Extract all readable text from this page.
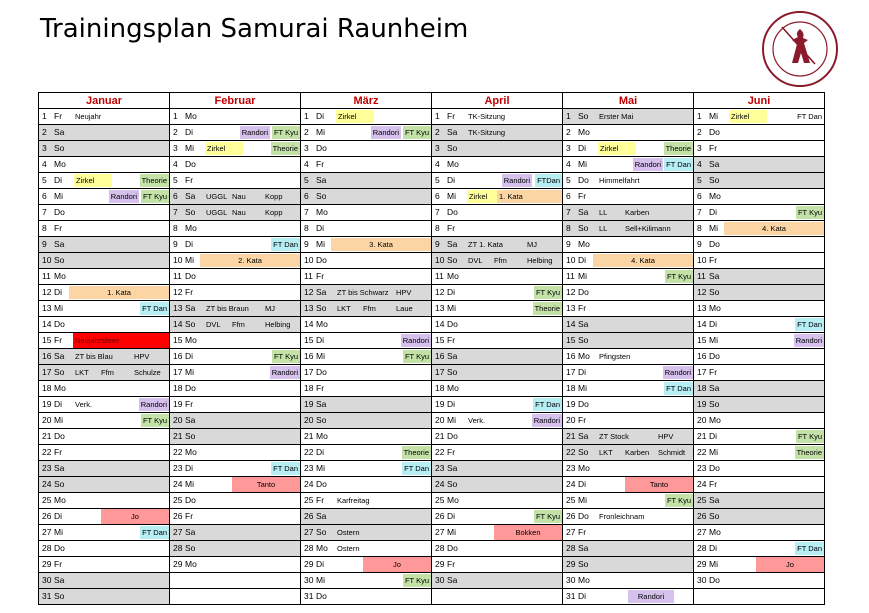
Trainingsplan Samurai Raunheim
Januar	Februar	März	April	Mai	Juni

1 Fr Neujahr	1 Mo	1 Di Zirkel	1 Fr TK-Sitzung	1 So Erster Mai	1 Mi Zirkel FT Dan

2 Sa	2 Di Randori FT Kyu	2 Mi Randori FT Kyu	2 Sa TK-Sitzung	2 Mo	2 Do

3 So	3 Mi Zirkel Theorie	3 Do	3 So	3 Di Zirkel Theorie	3 Fr

4 Mo	4 Do	4 Fr	4 Mo	4 Mi Randori FT Dan	4 Sa

5 Di Zirkel Theorie	5 Fr	5 Sa	5 Di Randori FTDan	5 Do Himmelfahrt	5 So

6 Mi Randori FT Kyu	6 Sa UGGL Nau Kopp	6 So	6 Mi Zirkel 1. Kata	6 Fr	6 Mo

7 Do	7 So UGGL Nau Kopp	7 Mo	7 Do	7 Sa LL Karben	7 Di FT Kyu

8 Fr	8 Mo	8 Di	8 Fr	8 So LL Sell+Kilimann	8 Mi 4. Kata

9 Sa	9 Di FT Dan	9 Mi 3. Kata	9 Sa ZT 1. Kata MJ	9 Mo	9 Do

10 So	10 Mi 2. Kata	10 Do	10 So DVL Ffm Helbing	10 Di 4. Kata	10 Fr

11 Mo	11 Do	11 Fr	11 Mo	11 Mi FT Kyu	11 Sa

12 Di 1. Kata	12 Fr	12 Sa ZT bis Schwarz HPV	12 Di FT Kyu	12 Do	12 So

13 Mi FT Dan	13 Sa ZT bis Braun MJ	13 So LKT Ffm Laue	13 Mi Theorie	13 Fr	13 Mo

14 Do	14 So DVL Ffm Helbing	14 Mo	14 Do	14 Sa	14 Di FT Dan

15 Fr Neujahrsfeier	15 Mo	15 Di Randori	15 Fr	15 So	15 Mi Randori

16 Sa ZT bis Blau HPV	16 Di FT Kyu	16 Mi FT Kyu	16 Sa	16 Mo Pfingsten	16 Do

17 So LKT Ffm Schulze	17 Mi Randori	17 Do	17 So	17 Di Randori	17 Fr

18 Mo	18 Do	18 Fr	18 Mo	18 Mi FT Dan	18 Sa

19 Di Verk. Randori	19 Fr	19 Sa	19 Di FT Dan	19 Do	19 So

20 Mi FT Kyu	20 Sa	20 So	20 Mi Verk. Randori	20 Fr	20 Mo

21 Do	21 So	21 Mo	21 Do	21 Sa ZT Stock HPV	21 Di FT Kyu

22 Fr	22 Mo	22 Di Theorie	22 Fr	22 So LKT Karben Schmidt	22 Mi Theorie

23 Sa	23 Di FT Dan	23 Mi FT Dan	23 Sa	23 Mo	23 Do

24 So	24 Mi Tanto	24 Do	24 So	24 Di Tanto	24 Fr

25 Mo	25 Do	25 Fr Karfreitag	25 Mo	25 Mi FT Kyu	25 Sa

26 Di Jo	26 Fr	26 Sa	26 Di FT Kyu	26 Do Fronleichnam	26 So

27 Mi FT Dan	27 Sa	27 So Ostern	27 Mi Bokken	27 Fr	27 Mo

28 Do	28 So	28 Mo Ostern	28 Do	28 Sa	28 Di FT Dan

29 Fr	29 Mo	29 Di Jo	29 Fr	29 So	29 Mi Jo

30 Sa		30 Mi FT Kyu	30 Sa	30 Mo	30 Do

31 So		31 Do		31 Di Randori	
